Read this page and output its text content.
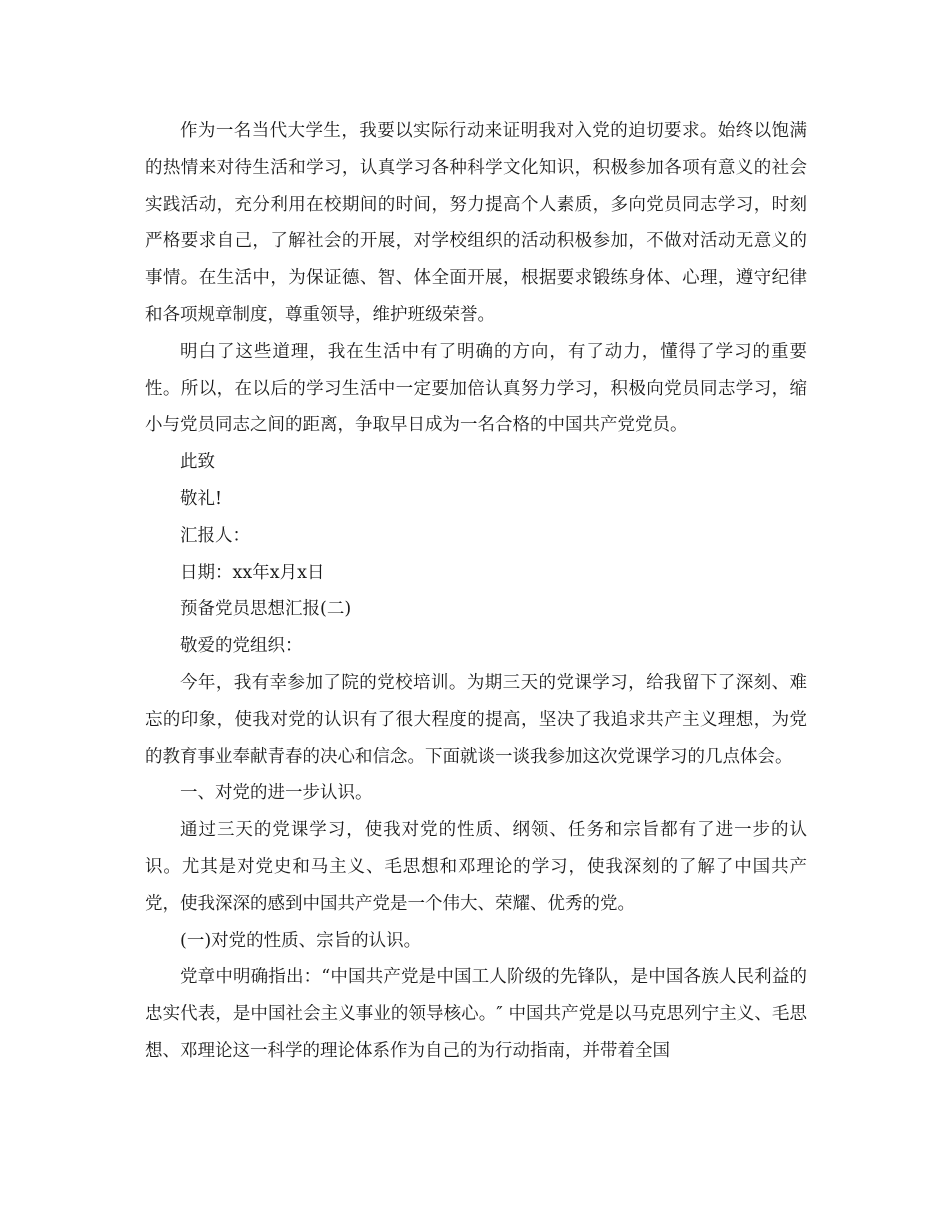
作为一名当代大学生，我要以实际行动来证明我对入党的迫切要求。始终以饱满的热情来对待生活和学习，认真学习各种科学文化知识，积极参加各项有意义的社会实践活动，充分利用在校期间的时间，努力提高个人素质，多向党员同志学习，时刻严格要求自己，了解社会的开展，对学校组织的活动积极参加，不做对活动无意义的事情。在生活中，为保证德、智、体全面开展，根据要求锻练身体、心理，遵守纪律和各项规章制度，尊重领导，维护班级荣誉。

明白了这些道理，我在生活中有了明确的方向，有了动力，懂得了学习的重要性。所以，在以后的学习生活中一定要加倍认真努力学习，积极向党员同志学习，缩小与党员同志之间的距离，争取早日成为一名合格的中国共产党党员。

此致

敬礼!

汇报人：

日期：xx年x月x日

预备党员思想汇报(二)

敬爱的党组织：

今年，我有幸参加了院的党校培训。为期三天的党课学习，给我留下了深刻、难忘的印象，使我对党的认识有了很大程度的提高，坚决了我追求共产主义理想，为党的教育事业奉献青春的决心和信念。下面就谈一谈我参加这次党课学习的几点体会。

一、对党的进一步认识。

通过三天的党课学习，使我对党的性质、纲领、任务和宗旨都有了进一步的认识。尤其是对党史和马主义、毛思想和邓理论的学习，使我深刻的了解了中国共产党，使我深深的感到中国共产党是一个伟大、荣耀、优秀的党。

(一)对党的性质、宗旨的认识。

党章中明确指出：“中国共产党是中国工人阶级的先锋队，是中国各族人民利益的忠实代表，是中国社会主义事业的领导核心。″ 中国共产党是以马克思列宁主义、毛思想、邓理论这一科学的理论体系作为自己的为行动指南，并带着全国
